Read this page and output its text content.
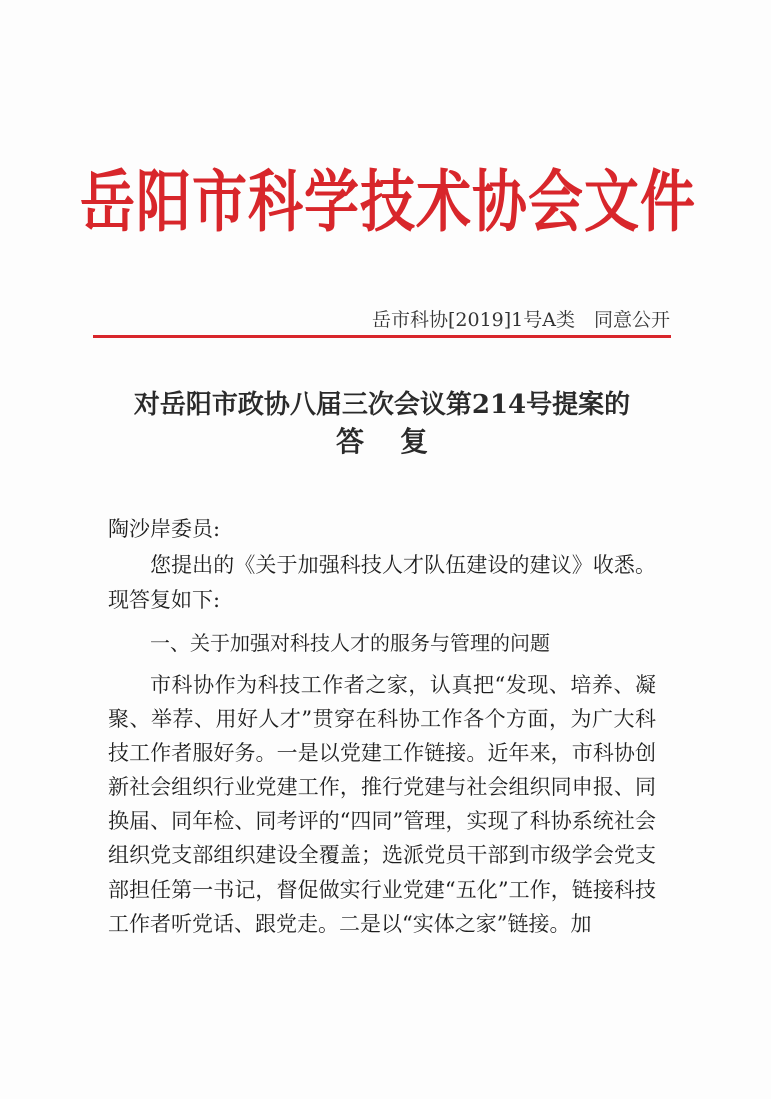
岳阳市科学技术协会文件
岳市科协[2019]1号A类　同意公开
对岳阳市政协八届三次会议第214号提案的
答复
陶沙岸委员:
您提出的《关于加强科技人才队伍建设的建议》收悉。现答复如下:
一、关于加强对科技人才的服务与管理的问题
市科协作为科技工作者之家，认真把“发现、培养、凝聚、举荐、用好人才”贯穿在科协工作各个方面，为广大科技工作者服好务。一是以党建工作链接。近年来，市科协创新社会组织行业党建工作，推行党建与社会组织同申报、同换届、同年检、同考评的“四同”管理，实现了科协系统社会组织党支部组织建设全覆盖；选派党员干部到市级学会党支部担任第一书记，督促做实行业党建“五化”工作，链接科技工作者听党话、跟党走。二是以“实体之家”链接。加
